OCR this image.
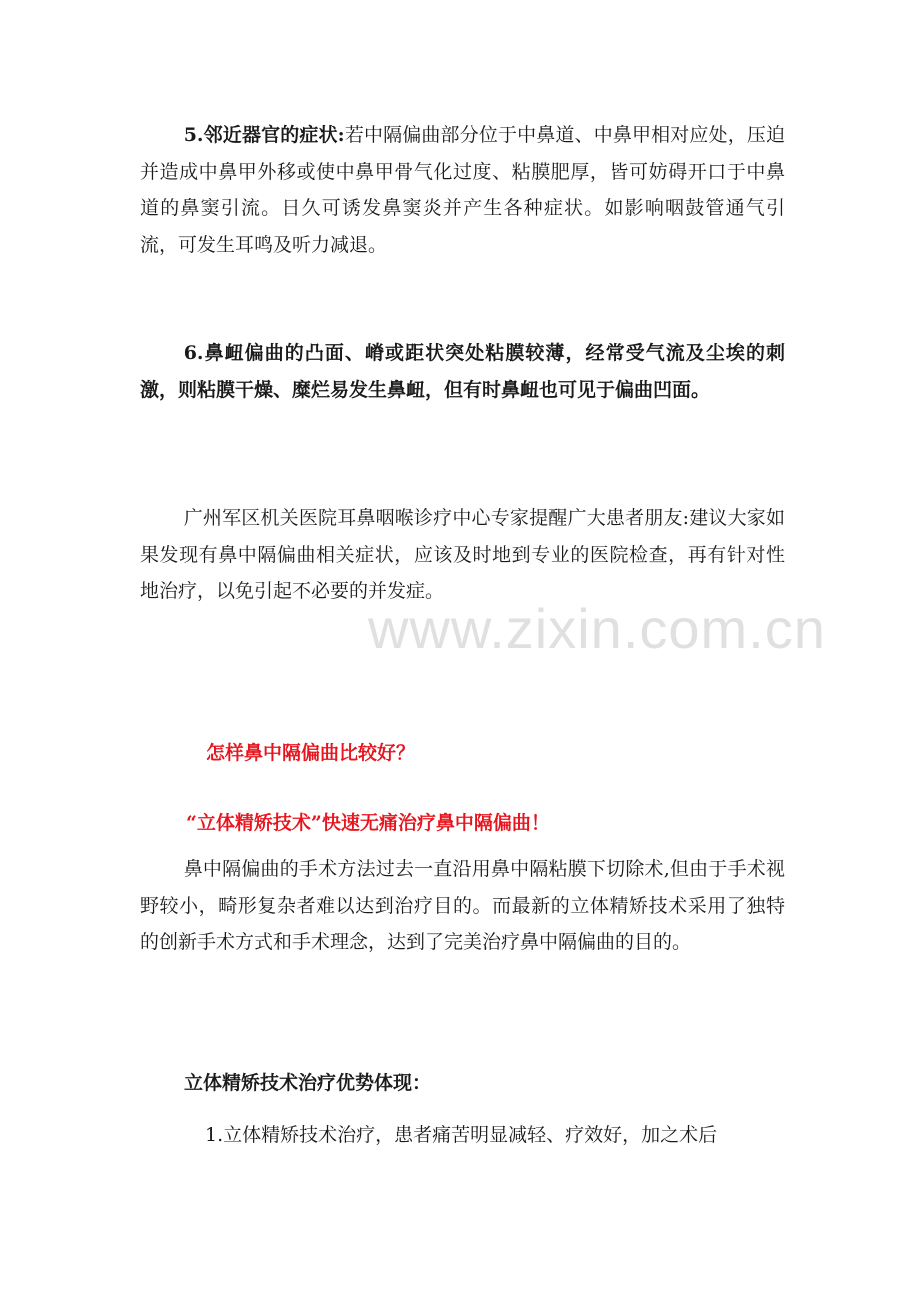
5.邻近器官的症状:若中隔偏曲部分位于中鼻道、中鼻甲相对应处，压迫并造成中鼻甲外移或使中鼻甲骨气化过度、粘膜肥厚，皆可妨碍开口于中鼻道的鼻窦引流。日久可诱发鼻窦炎并产生各种症状。如影响咽鼓管通气引流，可发生耳鸣及听力减退。

6.鼻衄偏曲的凸面、嵴或距状突处粘膜较薄，经常受气流及尘埃的刺激，则粘膜干燥、糜烂易发生鼻衄，但有时鼻衄也可见于偏曲凹面。

广州军区机关医院耳鼻咽喉诊疗中心专家提醒广大患者朋友:建议大家如果发现有鼻中隔偏曲相关症状，应该及时地到专业的医院检查，再有针对性地治疗，以免引起不必要的并发症。

www.zixin.com.cn

怎样鼻中隔偏曲比较好？

“立体精矫技术”快速无痛治疗鼻中隔偏曲！

鼻中隔偏曲的手术方法过去一直沿用鼻中隔粘膜下切除术,但由于手术视野较小，畸形复杂者难以达到治疗目的。而最新的立体精矫技术采用了独特的创新手术方式和手术理念，达到了完美治疗鼻中隔偏曲的目的。

立体精矫技术治疗优势体现：

1.立体精矫技术治疗，患者痛苦明显减轻、疗效好，加之术后
